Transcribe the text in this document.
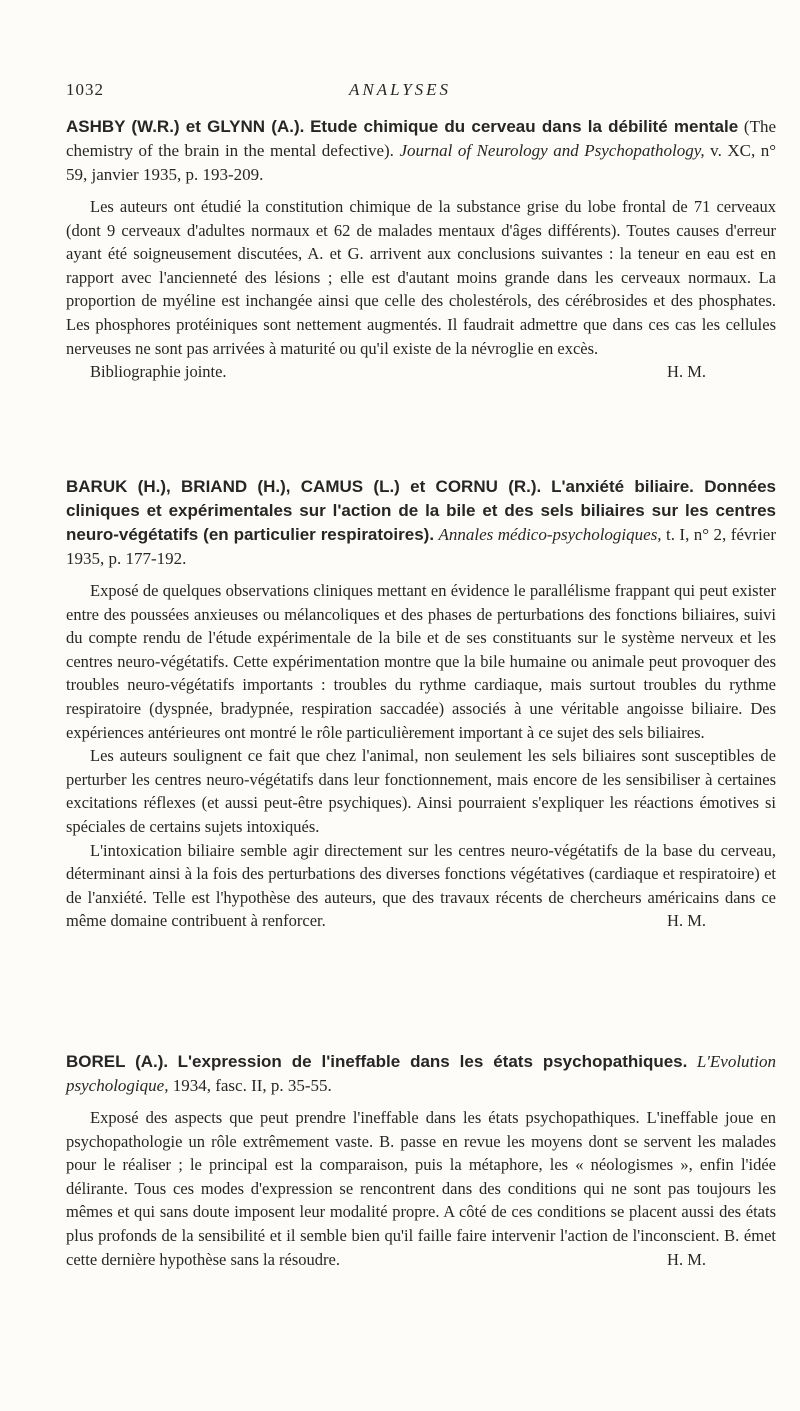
1032	ANALYSES

ASHBY (W.R.) et GLYNN (A.). Etude chimique du cerveau dans la débilité mentale (The chemistry of the brain in the mental defective). Journal of Neurology and Psychopathology, v. XC, n° 59, janvier 1935, p. 193-209.

Les auteurs ont étudié la constitution chimique de la substance grise du lobe frontal de 71 cerveaux (dont 9 cerveaux d'adultes normaux et 62 de malades mentaux d'âges différents). Toutes causes d'erreur ayant été soigneusement discutées, A. et G. arrivent aux conclusions suivantes : la teneur en eau est en rapport avec l'ancienneté des lésions ; elle est d'autant moins grande dans les cerveaux normaux. La proportion de myéline est inchangée ainsi que celle des cholestérols, des cérébrosides et des phosphates. Les phosphores protéiniques sont nettement augmentés. Il faudrait admettre que dans ces cas les cellules nerveuses ne sont pas arrivées à maturité ou qu'il existe de la névroglie en excès.

Bibliographie jointe.	H. M.

BARUK (H.), BRIAND (H.), CAMUS (L.) et CORNU (R.). L'anxiété biliaire. Données cliniques et expérimentales sur l'action de la bile et des sels biliaires sur les centres neuro-végétatifs (en particulier respiratoires). Annales médico-psychologiques, t. I, n° 2, février 1935, p. 177-192.

Exposé de quelques observations cliniques mettant en évidence le parallélisme frappant qui peut exister entre des poussées anxieuses ou mélancoliques et des phases de perturbations des fonctions biliaires, suivi du compte rendu de l'étude expérimentale de la bile et de ses constituants sur le système nerveux et les centres neuro-végétatifs. Cette expérimentation montre que la bile humaine ou animale peut provoquer des troubles neuro-végétatifs importants : troubles du rythme cardiaque, mais surtout troubles du rythme respiratoire (dyspnée, bradypnée, respiration saccadée) associés à une véritable angoisse biliaire. Des expériences antérieures ont montré le rôle particulièrement important à ce sujet des sels biliaires.

Les auteurs soulignent ce fait que chez l'animal, non seulement les sels biliaires sont susceptibles de perturber les centres neuro-végétatifs dans leur fonctionnement, mais encore de les sensibiliser à certaines excitations réflexes (et aussi peut-être psychiques). Ainsi pourraient s'expliquer les réactions émotives si spéciales de certains sujets intoxiqués.

L'intoxication biliaire semble agir directement sur les centres neuro-végétatifs de la base du cerveau, déterminant ainsi à la fois des perturbations des diverses fonctions végétatives (cardiaque et respiratoire) et de l'anxiété. Telle est l'hypothèse des auteurs, que des travaux récents de chercheurs américains dans ce même domaine contribuent à renforcer.	H. M.

BOREL (A.). L'expression de l'ineffable dans les états psychopathiques. L'Evolution psychologique, 1934, fasc. II, p. 35-55.

Exposé des aspects que peut prendre l'ineffable dans les états psychopathiques. L'ineffable joue en psychopathologie un rôle extrêmement vaste. B. passe en revue les moyens dont se servent les malades pour le réaliser ; le principal est la comparaison, puis la métaphore, les « néologismes », enfin l'idée délirante. Tous ces modes d'expression se rencontrent dans des conditions qui ne sont pas toujours les mêmes et qui sans doute imposent leur modalité propre. A côté de ces conditions se placent aussi des états plus profonds de la sensibilité et il semble bien qu'il faille faire intervenir l'action de l'inconscient. B. émet cette dernière hypothèse sans la résoudre.	H. M.
